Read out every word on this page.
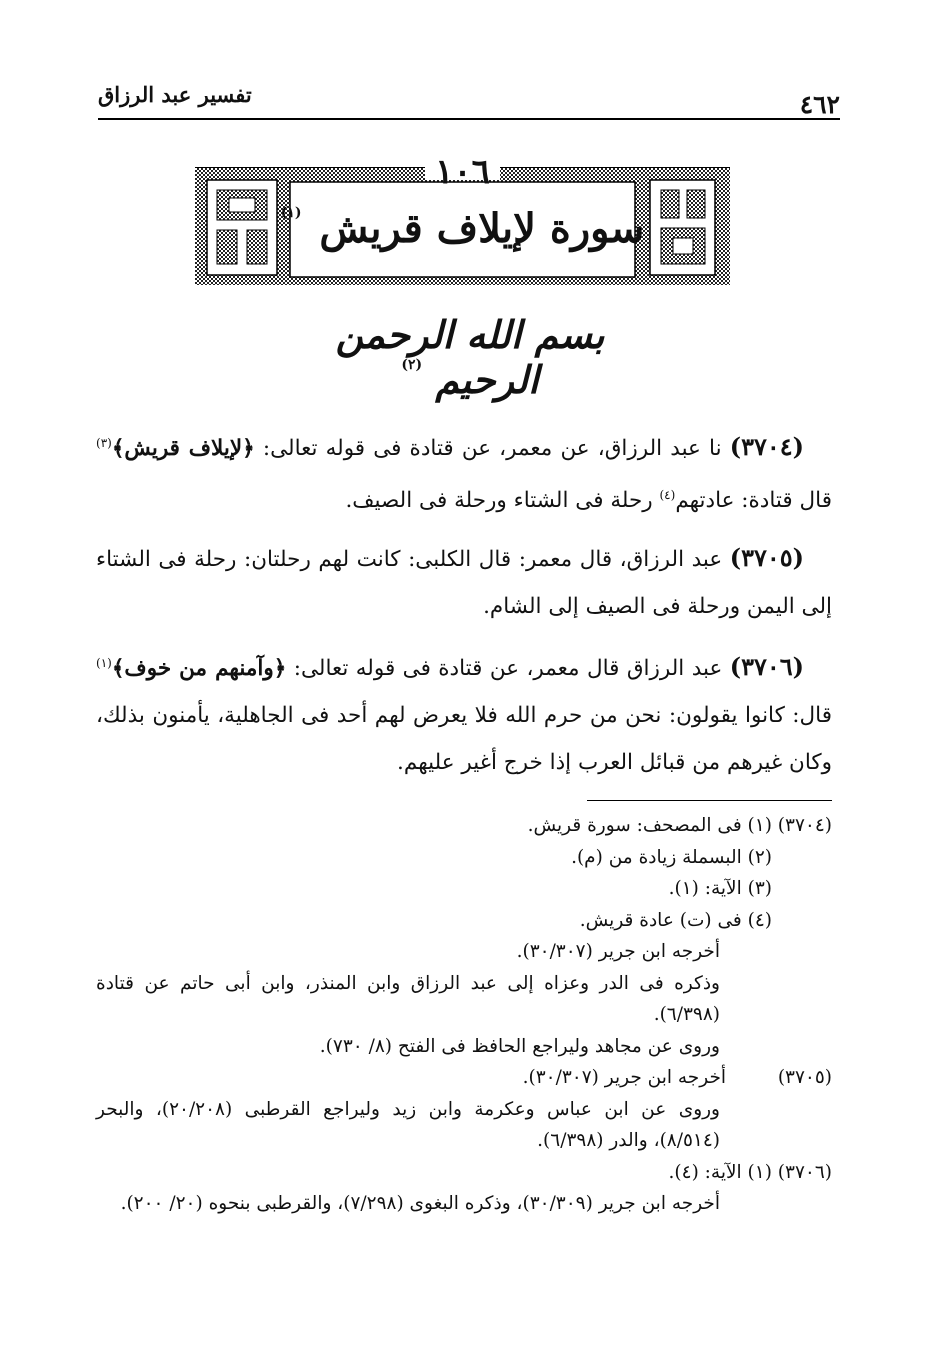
٤٦٢
تفسير عبد الرزاق
١٠٦
سورة لإيلاف قريش $^{(١)}$
بسم الله الرحمن الرحيم $^{(٢)}$

(٣٧٠٤) نا عبد الرزاق، عن معمر، عن قتادة فى قوله تعالى: ﴿لإيلاف قريش﴾$^{(٣)}$ قال قتادة: عادتهم$^{(٤)}$ رحلة فى الشتاء ورحلة فى الصيف.

(٣٧٠٥) عبد الرزاق، قال معمر: قال الكلبى: كانت لهم رحلتان: رحلة فى الشتاء إلى اليمن ورحلة فى الصيف إلى الشام.

(٣٧٠٦) عبد الرزاق قال معمر، عن قتادة فى قوله تعالى: ﴿وآمنهم من خوف﴾$^{(١)}$ قال: كانوا يقولون: نحن من حرم الله فلا يعرض لهم أحد فى الجاهلية، يأمنون بذلك، وكان غيرهم من قبائل العرب إذا خرج أغير عليهم.

(٣٧٠٤) (١) فى المصحف: سورة قريش.
(٢) البسملة زيادة من (م).
(٣) الآية: (١).
(٤) فى (ت) عادة قريش.
أخرجه ابن جرير (٣٠/٣٠٧).
وذكره فى الدر وعزاه إلى عبد الرزاق وابن المنذر، وابن أبى حاتم عن قتادة (٦/٣٩٨).
وروى عن مجاهد وليراجع الحافظ فى الفتح (٨/ ٧٣٠).
(٣٧٠٥)  أخرجه ابن جرير (٣٠/٣٠٧).
وروى عن ابن عباس وعكرمة وابن زيد وليراجع القرطبى (٢٠/٢٠٨)، والبحر (٨/٥١٤)، والدر (٦/٣٩٨).
(٣٧٠٦) (١) الآية: (٤).
أخرجه ابن جرير (٣٠/٣٠٩)، وذكره البغوى (٧/٢٩٨)، والقرطبى بنحوه (٢٠/ ٢٠٠).
